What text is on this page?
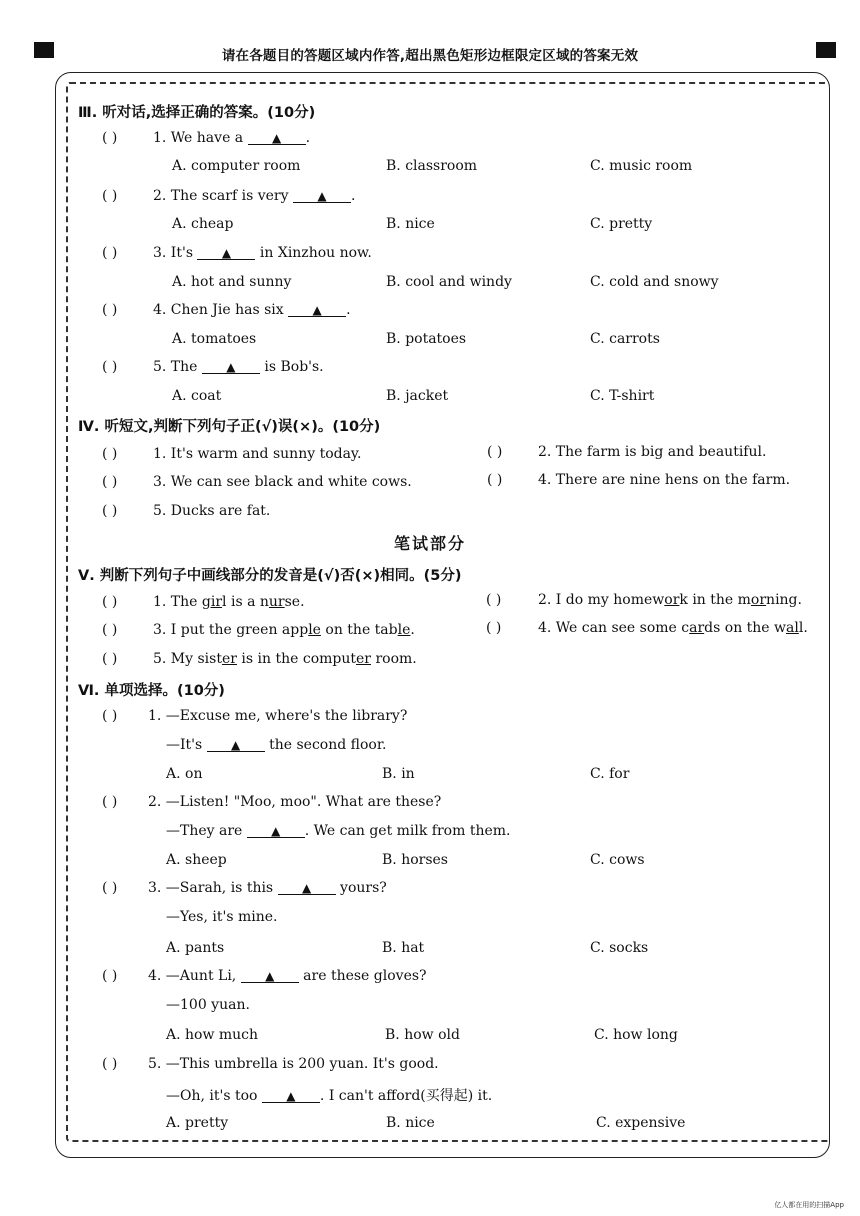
请在各题目的答题区域内作答,超出黑色矩形边框限定区域的答案无效
Ⅲ. 听对话,选择正确的答案。(10分)
( )	1. We have a ▲ .
A. computer room	B. classroom	C. music room
( )	2. The scarf is very ▲ .
A. cheap	B. nice	C. pretty
( )	3. It's ▲ in Xinzhou now.
A. hot and sunny	B. cool and windy	C. cold and snowy
( )	4. Chen Jie has six ▲ .
A. tomatoes	B. potatoes	C. carrots
( )	5. The ▲ is Bob's.
A. coat	B. jacket	C. T-shirt
Ⅳ. 听短文,判断下列句子正(√)误(×)。(10分)
( )	1. It's warm and sunny today.	( )	2. The farm is big and beautiful.
( )	3. We can see black and white cows.	( )	4. There are nine hens on the farm.
( )	5. Ducks are fat.
笔试部分
Ⅴ. 判断下列句子中画线部分的发音是(√)否(×)相同。(5分)
( )	1. The girl is a nurse.	( )	2. I do my homework in the morning.
( )	3. I put the green apple on the table.	( )	4. We can see some cards on the wall.
( )	5. My sister is in the computer room.
Ⅵ. 单项选择。(10分)
( ) 1. —Excuse me, where's the library?
—It's ▲ the second floor.
A. on	B. in	C. for
( ) 2. —Listen! "Moo, moo". What are these?
—They are ▲ . We can get milk from them.
A. sheep	B. horses	C. cows
( ) 3. —Sarah, is this ▲ yours?
—Yes, it's mine.
A. pants	B. hat	C. socks
( ) 4. —Aunt Li, ▲ are these gloves?
—100 yuan.
A. how much	B. how old	C. how long
( ) 5. —This umbrella is 200 yuan. It's good.
—Oh, it's too ▲ . I can't afford(买得起) it.
A. pretty	B. nice	C. expensive
亿人都在用的扫描App
